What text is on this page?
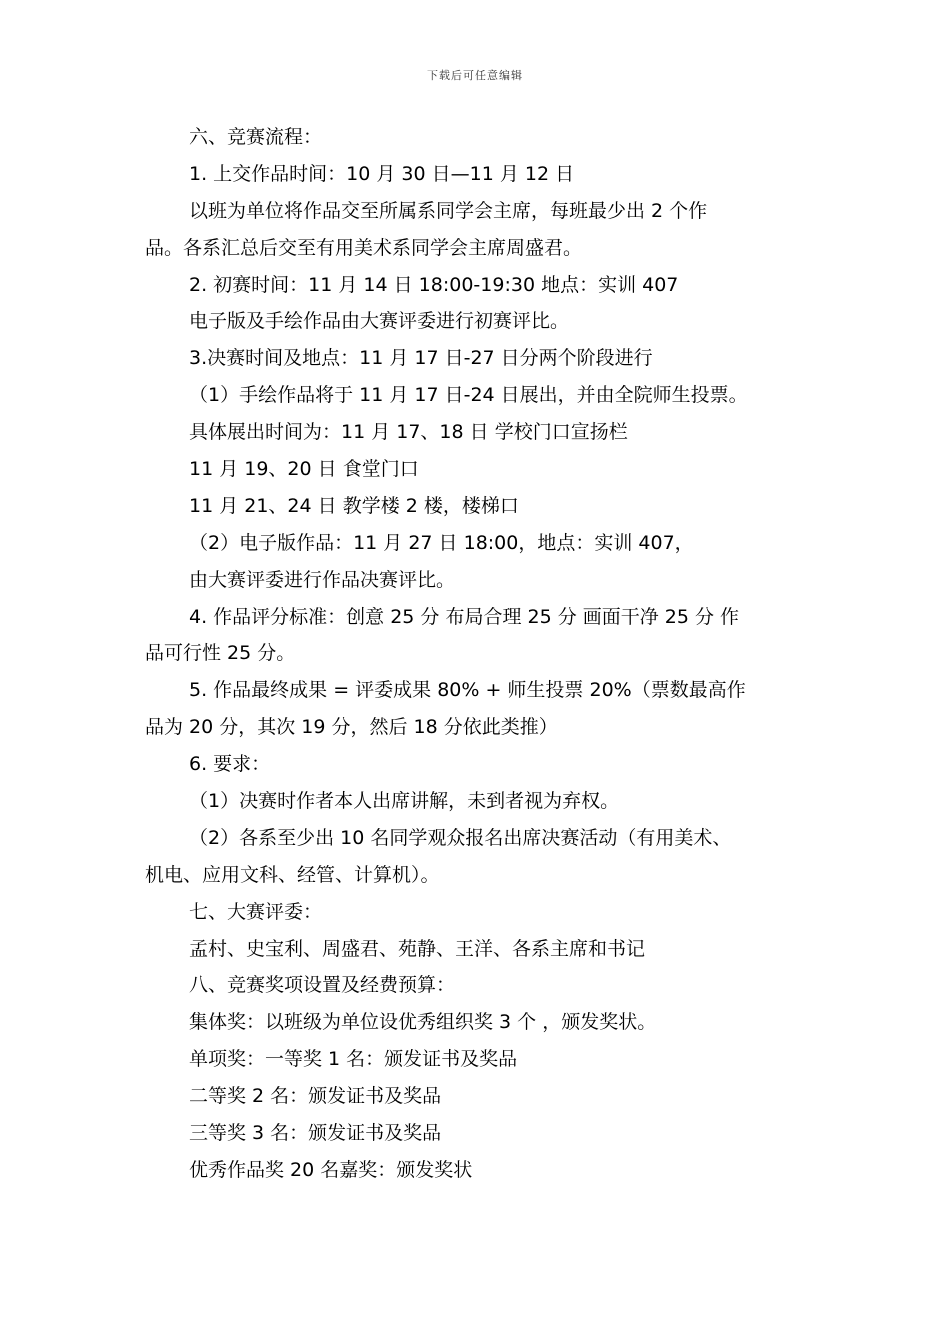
下载后可任意编辑
六、竞赛流程：
1. 上交作品时间：10 月 30 日—11 月 12 日
以班为单位将作品交至所属系同学会主席，每班最少出 2 个作
品。各系汇总后交至有用美术系同学会主席周盛君。
2. 初赛时间：11 月 14 日 18:00-19:30 地点：实训 407
电子版及手绘作品由大赛评委进行初赛评比。
3.决赛时间及地点：11 月 17 日-27 日分两个阶段进行
（1）手绘作品将于 11 月 17 日-24 日展出，并由全院师生投票。
具体展出时间为：11 月 17、18 日 学校门口宣扬栏
11 月 19、20 日 食堂门口
11 月 21、24 日 教学楼 2 楼，楼梯口
（2）电子版作品：11 月 27 日 18:00，地点：实训 407，
由大赛评委进行作品决赛评比。
4. 作品评分标准：创意 25 分 布局合理 25 分 画面干净 25 分 作
品可行性 25 分。
5. 作品最终成果 = 评委成果 80% + 师生投票 20%（票数最高作
品为 20 分，其次 19 分，然后 18 分依此类推）
6. 要求：
（1）决赛时作者本人出席讲解，未到者视为弃权。
（2）各系至少出 10 名同学观众报名出席决赛活动（有用美术、
机电、应用文科、经管、计算机）。
七、大赛评委：
孟村、史宝利、周盛君、苑静、王洋、各系主席和书记
八、竞赛奖项设置及经费预算：
集体奖：以班级为单位设优秀组织奖 3 个 ，颁发奖状。
单项奖：一等奖 1 名：颁发证书及奖品
二等奖 2 名：颁发证书及奖品
三等奖 3 名：颁发证书及奖品
优秀作品奖 20 名嘉奖：颁发奖状
